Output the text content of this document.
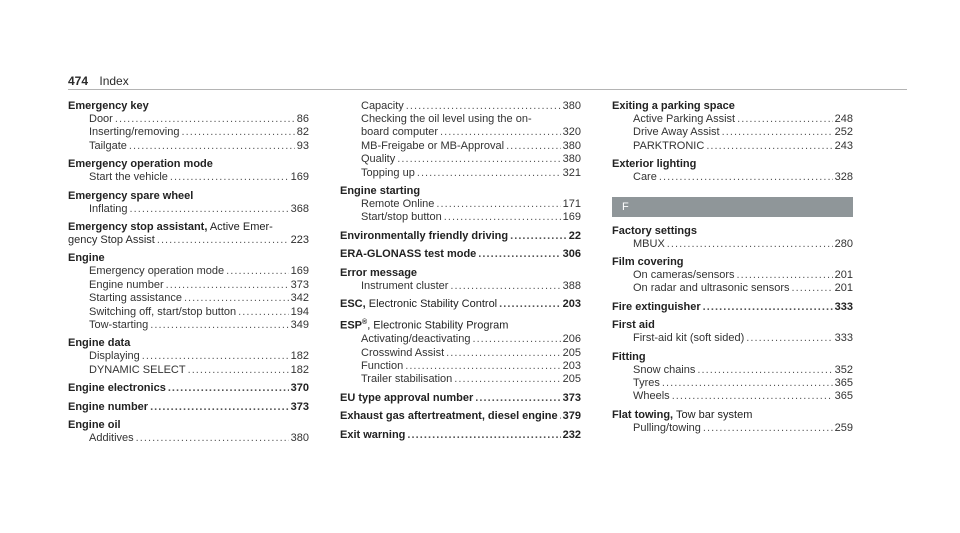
474 Index
Emergency key
Door . . .	86
Inserting/removing . . .	82
Tailgate . . .	93
Emergency operation mode
Start the vehicle . . .	169
Emergency spare wheel
Inflating . . .	368
Emergency stop assistant, Active Emer-
gency Stop Assist . . .	223
Engine
Emergency operation mode . . .	169
Engine number . . .	373
Starting assistance . . .	342
Switching off, start/stop button . . .	194
Tow-starting . . .	349
Engine data
Displaying . . .	182
DYNAMIC SELECT . . .	182
Engine electronics . . .	370
Engine number . . .	373
Engine oil
Additives . . .	380
Capacity . . .	380
Checking the oil level using the on-
board computer . . .	320
MB-Freigabe or MB-Approval . . .	380
Quality . . .	380
Topping up . . .	321
Engine starting
Remote Online . . .	171
Start/stop button . . .	169
Environmentally friendly driving . . .	22
ERA-GLONASS test mode . . .	306
Error message
Instrument cluster . . .	388
ESC, Electronic Stability Control . . .	203
ESP®, Electronic Stability Program
Activating/deactivating . . .	206
Crosswind Assist . . .	205
Function . . .	203
Trailer stabilisation . . .	205
EU type approval number . . .	373
Exhaust gas aftertreatment, diesel engine . . . 379
Exit warning . . .	232
Exiting a parking space
Active Parking Assist . . .	248
Drive Away Assist . . .	252
PARKTRONIC . . .	243
Exterior lighting
Care . . .	328
F
Factory settings
MBUX . . .	280
Film covering
On cameras/sensors . . .	201
On radar and ultrasonic sensors . . .	201
Fire extinguisher . . .	333
First aid
First-aid kit (soft sided) . . .	333
Fitting
Snow chains . . .	352
Tyres . . .	365
Wheels . . .	365
Flat towing, Tow bar system
Pulling/towing . . .	259
